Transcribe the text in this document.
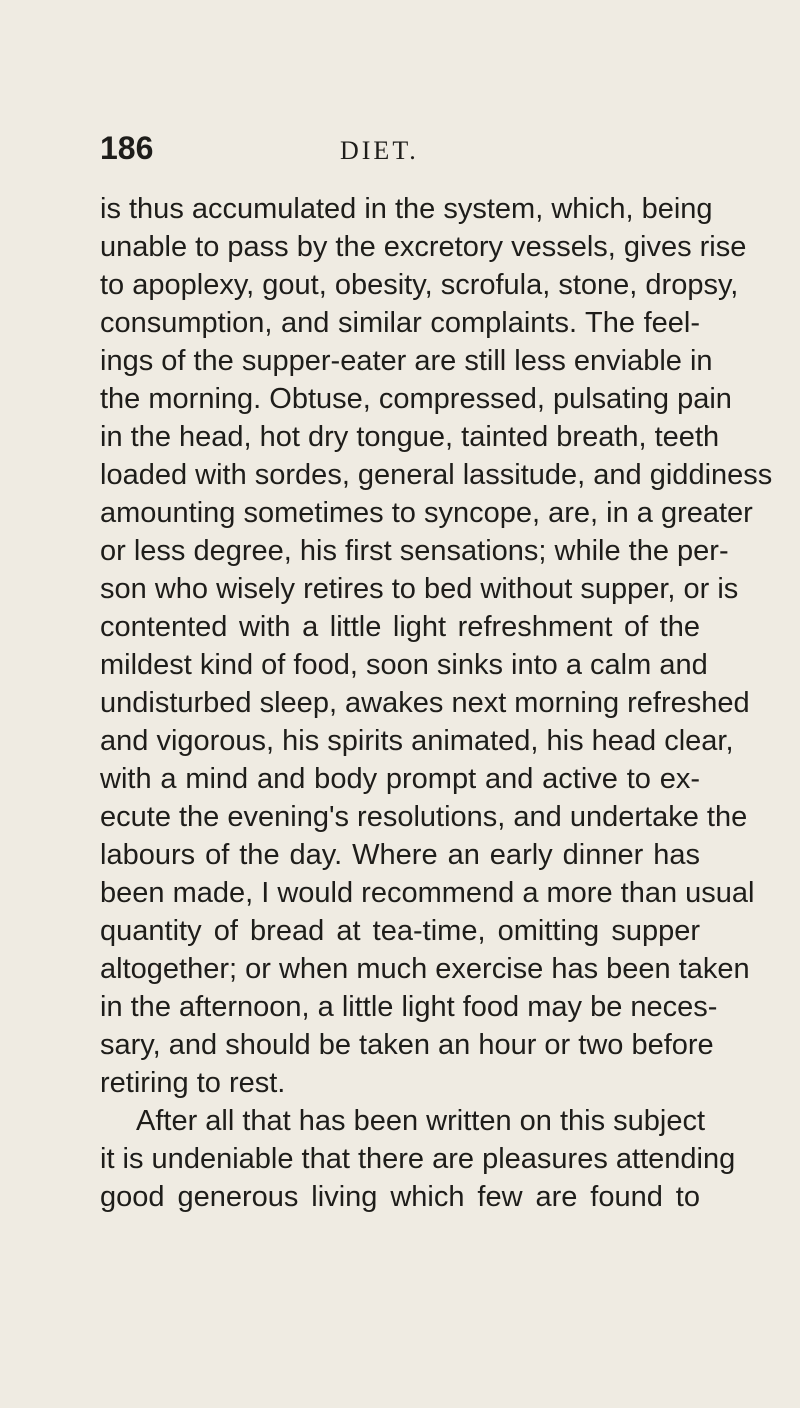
186	DIET.
is thus accumulated in the system, which, being
unable to pass by the excretory vessels, gives rise
to apoplexy, gout, obesity, scrofula, stone, dropsy,
consumption, and similar complaints. The feel-
ings of the supper-eater are still less enviable in
the morning. Obtuse, compressed, pulsating pain
in the head, hot dry tongue, tainted breath, teeth
loaded with sordes, general lassitude, and giddiness
amounting sometimes to syncope, are, in a greater
or less degree, his first sensations; while the per-
son who wisely retires to bed without supper, or is
contented with a little light refreshment of the
mildest kind of food, soon sinks into a calm and
undisturbed sleep, awakes next morning refreshed
and vigorous, his spirits animated, his head clear,
with a mind and body prompt and active to ex-
ecute the evening's resolutions, and undertake the
labours of the day. Where an early dinner has
been made, I would recommend a more than usual
quantity of bread at tea-time, omitting supper
altogether; or when much exercise has been taken
in the afternoon, a little light food may be neces-
sary, and should be taken an hour or two before
retiring to rest.
After all that has been written on this subject
it is undeniable that there are pleasures attending
good generous living which few are found to
